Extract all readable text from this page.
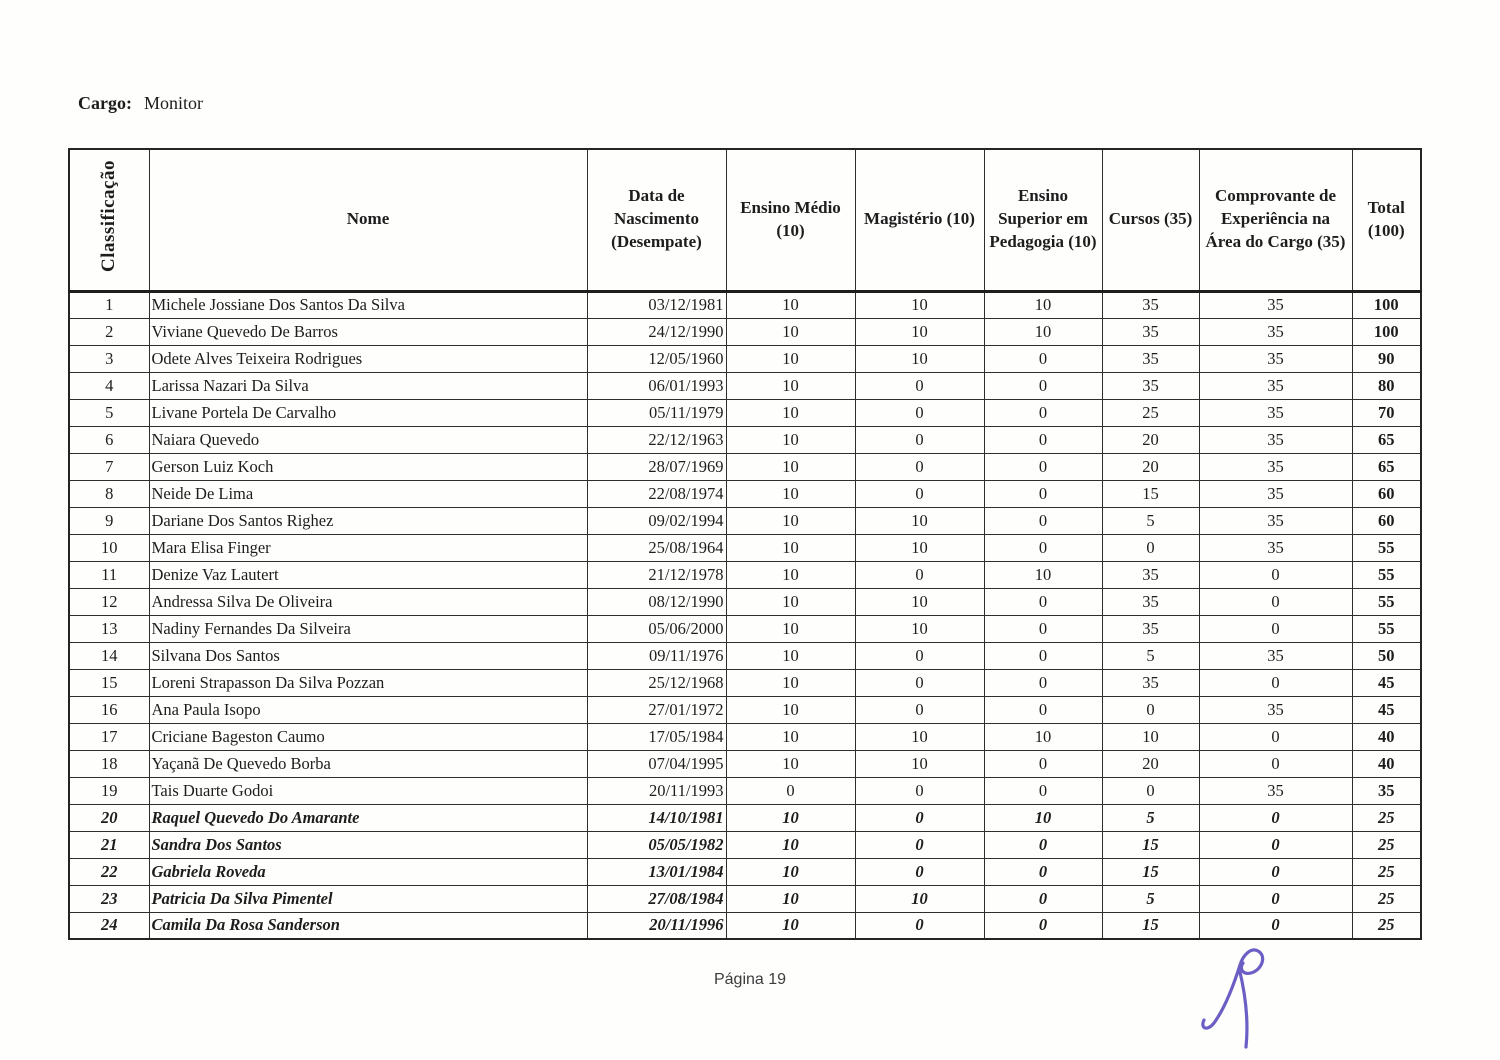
Cargo: Monitor
Classificação	Nome	Data de Nascimento (Desempate)	Ensino Médio (10)	Magistério (10)	Ensino Superior em Pedagogia (10)	Cursos (35)	Comprovante de Experiência na Área do Cargo (35)	Total (100)
1	Michele Jossiane Dos Santos Da Silva	03/12/1981	10	10	10	35	35	100
2	Viviane Quevedo De Barros	24/12/1990	10	10	10	35	35	100
3	Odete Alves Teixeira Rodrigues	12/05/1960	10	10	0	35	35	90
4	Larissa Nazari Da Silva	06/01/1993	10	0	0	35	35	80
5	Livane Portela De Carvalho	05/11/1979	10	0	0	25	35	70
6	Naiara Quevedo	22/12/1963	10	0	0	20	35	65
7	Gerson Luiz Koch	28/07/1969	10	0	0	20	35	65
8	Neide De Lima	22/08/1974	10	0	0	15	35	60
9	Dariane Dos Santos Righez	09/02/1994	10	10	0	5	35	60
10	Mara Elisa Finger	25/08/1964	10	10	0	0	35	55
11	Denize Vaz Lautert	21/12/1978	10	0	10	35	0	55
12	Andressa Silva De Oliveira	08/12/1990	10	10	0	35	0	55
13	Nadiny Fernandes Da Silveira	05/06/2000	10	10	0	35	0	55
14	Silvana Dos Santos	09/11/1976	10	0	0	5	35	50
15	Loreni Strapasson Da Silva Pozzan	25/12/1968	10	0	0	35	0	45
16	Ana Paula Isopo	27/01/1972	10	0	0	0	35	45
17	Criciane Bageston Caumo	17/05/1984	10	10	10	10	0	40
18	Yaçanã De Quevedo Borba	07/04/1995	10	10	0	20	0	40
19	Tais Duarte Godoi	20/11/1993	0	0	0	0	35	35
20	Raquel Quevedo Do Amarante	14/10/1981	10	0	10	5	0	25
21	Sandra Dos Santos	05/05/1982	10	0	0	15	0	25
22	Gabriela Roveda	13/01/1984	10	0	0	15	0	25
23	Patricia Da Silva Pimentel	27/08/1984	10	10	0	5	0	25
24	Camila Da Rosa Sanderson	20/11/1996	10	0	0	15	0	25
Página 19
